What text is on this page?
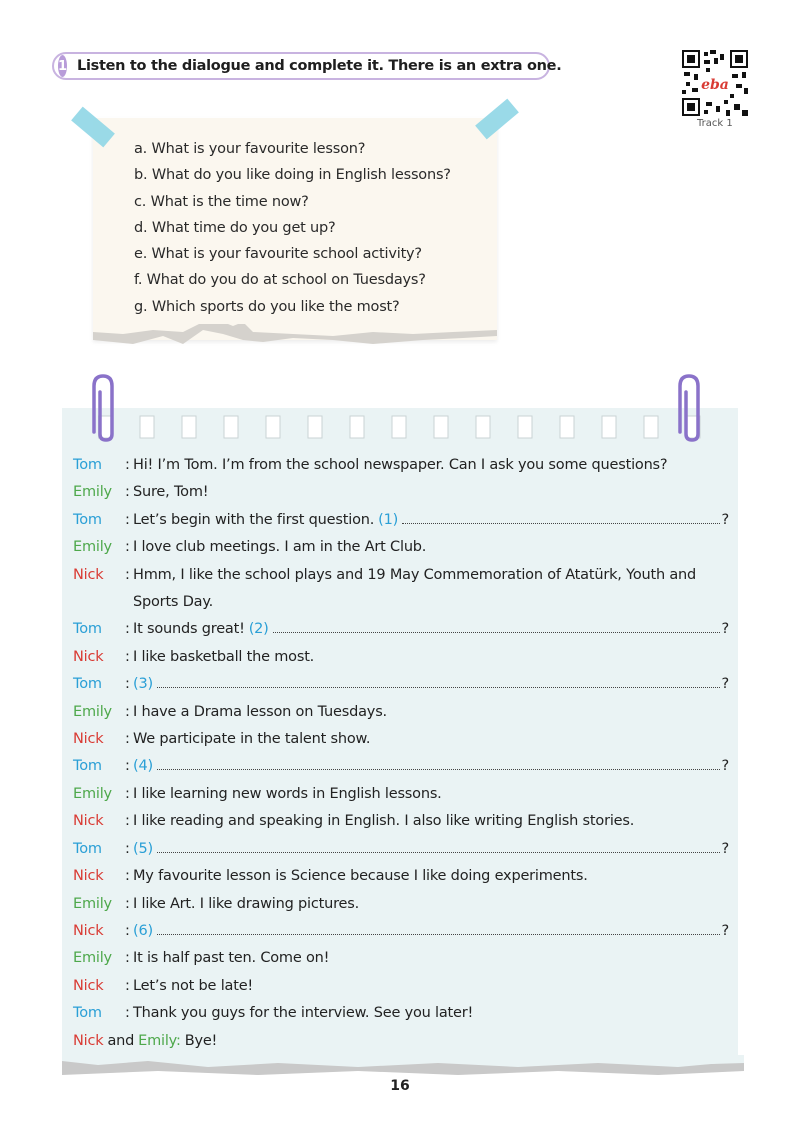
1 Listen to the dialogue and complete it. There is an extra one.
eba
Track 1
a. What is your favourite lesson?
b. What do you like doing in English lessons?
c. What is the time now?
d. What time do you get up?
e. What is your favourite school activity?
f. What do you do at school on Tuesdays?
g. Which sports do you like the most?
Tom	: Hi! I’m Tom. I’m from the school newspaper. Can I ask you some questions?
Emily : Sure, Tom!
Tom	: Let’s begin with the first question. (1)	?
Emily : I love club meetings. I am in the Art Club.
Nick	: Hmm, I like the school plays and 19 May Commemoration of Atatürk, Youth and Sports Day.
Tom	: It sounds great! (2)	?
Nick	: I like basketball the most.
Tom	: (3)	?
Emily : I have a Drama lesson on Tuesdays.
Nick	: We participate in the talent show.
Tom	: (4)	?
Emily : I like learning new words in English lessons.
Nick	: I like reading and speaking in English. I also like writing English stories.
Tom	: (5)	?
Nick	: My favourite lesson is Science because I like doing experiments.
Emily : I like Art. I like drawing pictures.
Nick	: (6)	?
Emily : It is half past ten. Come on!
Nick	: Let’s not be late!
Tom	: Thank you guys for the interview. See you later!
Nick and Emily: Bye!
16
